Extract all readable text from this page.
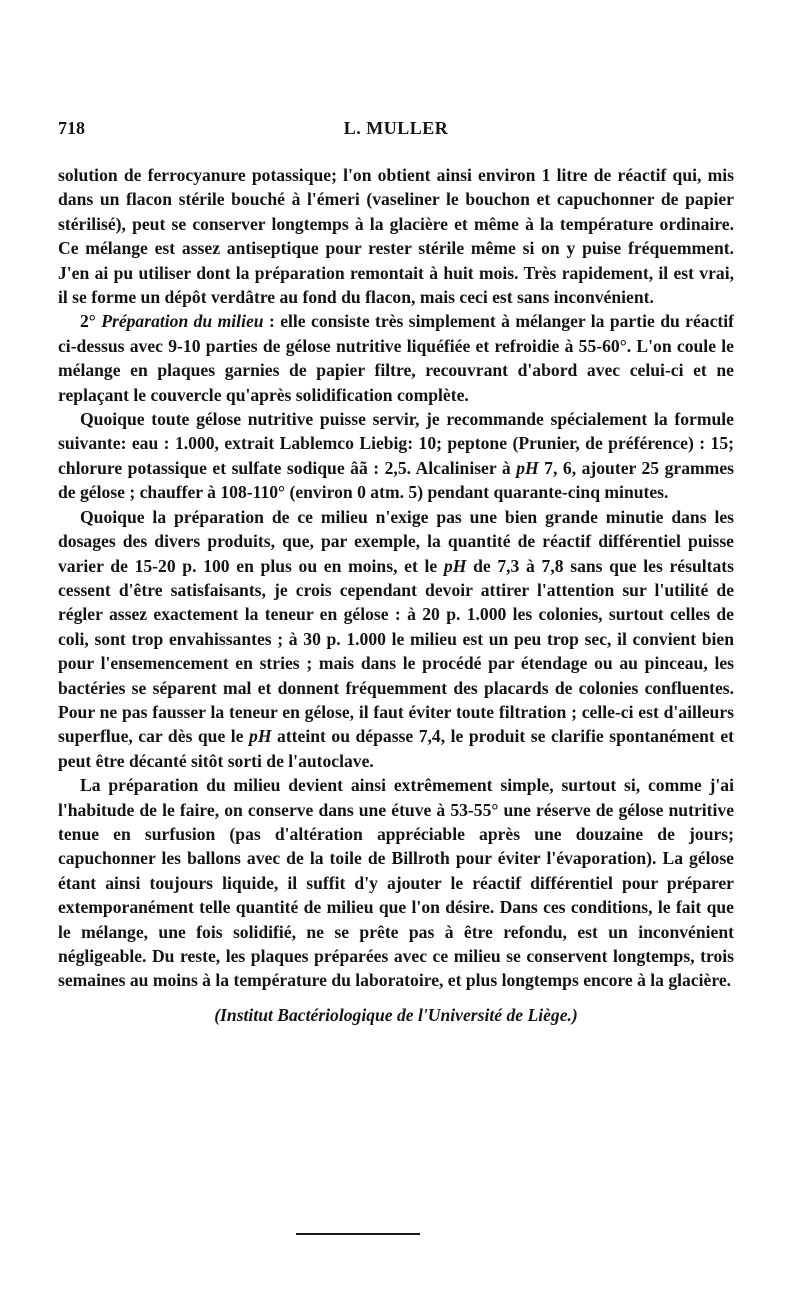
718	L. MULLER

solution de ferrocyanure potassique; l'on obtient ainsi environ 1 litre de réactif qui, mis dans un flacon stérile bouché à l'émeri (vaseliner le bouchon et capuchonner de papier stérilisé), peut se conserver longtemps à la glacière et même à la température ordinaire. Ce mélange est assez antiseptique pour rester stérile même si on y puise fréquemment. J'en ai pu utiliser dont la préparation remontait à huit mois. Très rapidement, il est vrai, il se forme un dépôt verdâtre au fond du flacon, mais ceci est sans inconvénient.

2° Préparation du milieu : elle consiste très simplement à mélanger la partie du réactif ci-dessus avec 9-10 parties de gélose nutritive liquéfiée et refroidie à 55-60°. L'on coule le mélange en plaques garnies de papier filtre, recouvrant d'abord avec celui-ci et ne replaçant le couvercle qu'après solidification complète.

Quoique toute gélose nutritive puisse servir, je recommande spécialement la formule suivante: eau : 1.000, extrait Lablemco Liebig: 10; peptone (Prunier, de préférence) : 15; chlorure potassique et sulfate sodique âã : 2,5. Alcaliniser à pH 7, 6, ajouter 25 grammes de gélose ; chauffer à 108-110° (environ 0 atm. 5) pendant quarante-cinq minutes.

Quoique la préparation de ce milieu n'exige pas une bien grande minutie dans les dosages des divers produits, que, par exemple, la quantité de réactif différentiel puisse varier de 15-20 p. 100 en plus ou en moins, et le pH de 7,3 à 7,8 sans que les résultats cessent d'être satisfaisants, je crois cependant devoir attirer l'attention sur l'utilité de régler assez exactement la teneur en gélose : à 20 p. 1.000 les colonies, surtout celles de coli, sont trop envahissantes ; à 30 p. 1.000 le milieu est un peu trop sec, il convient bien pour l'ensemencement en stries ; mais dans le procédé par étendage ou au pinceau, les bactéries se séparent mal et donnent fréquemment des placards de colonies confluentes. Pour ne pas fausser la teneur en gélose, il faut éviter toute filtration ; celle-ci est d'ailleurs superflue, car dès que le pH atteint ou dépasse 7,4, le produit se clarifie spontanément et peut être décanté sitôt sorti de l'autoclave.

La préparation du milieu devient ainsi extrêmement simple, surtout si, comme j'ai l'habitude de le faire, on conserve dans une étuve à 53-55° une réserve de gélose nutritive tenue en surfusion (pas d'altération appréciable après une douzaine de jours; capuchonner les ballons avec de la toile de Billroth pour éviter l'évaporation). La gélose étant ainsi toujours liquide, il suffit d'y ajouter le réactif différentiel pour préparer extemporanément telle quantité de milieu que l'on désire. Dans ces conditions, le fait que le mélange, une fois solidifié, ne se prête pas à être refondu, est un inconvénient négligeable. Du reste, les plaques préparées avec ce milieu se conservent longtemps, trois semaines au moins à la température du laboratoire, et plus longtemps encore à la glacière.

(Institut Bactériologique de l'Université de Liège.)
